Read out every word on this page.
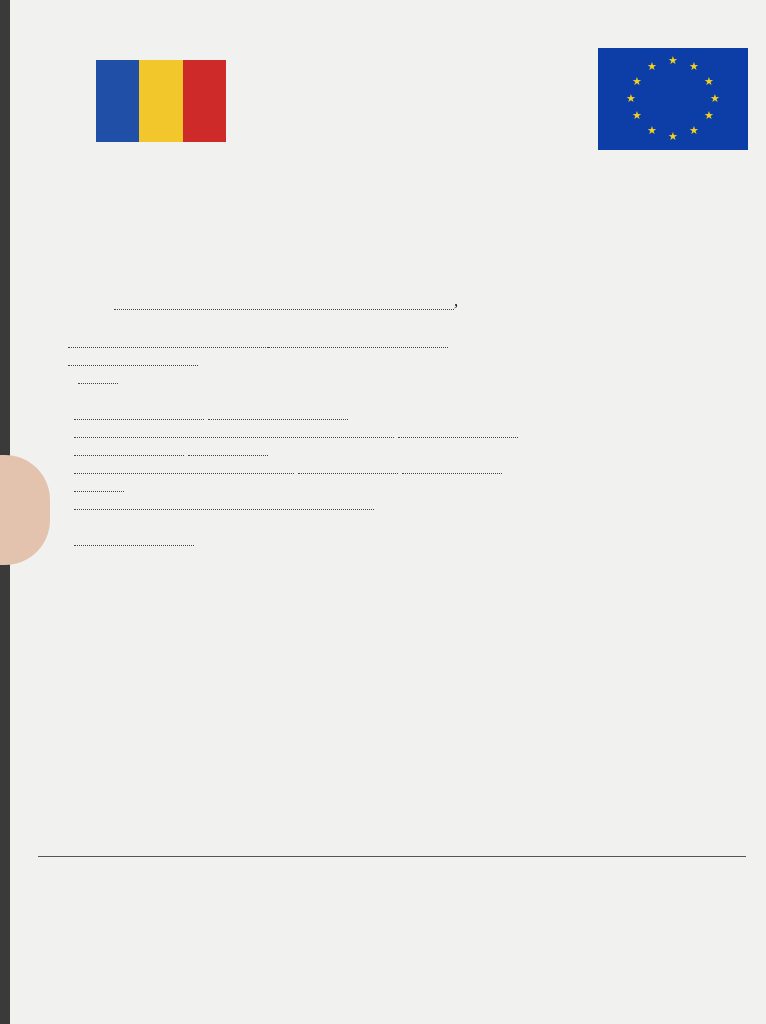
★ ★
★
★
★
★
★
★
★
★
★
★

,
